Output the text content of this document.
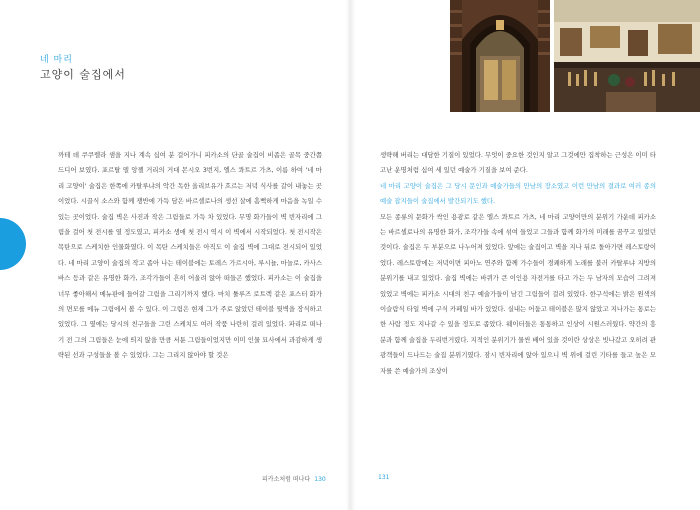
네 마리
고양이 술집에서

까테 데 쿠쿠렐라 샘을 지나 계속 십여 분 걸어가니 피카소의 단골 술집이 비좁은 골목 중간쯤 드디어 보였다. 포르탈 델 앙젤 거리의 거대 몬시오 3번지, 엘스 콰트르 가츠, 이름 하여 '네 마리 고양이' 술집은 한쪽에 카탈루냐의 악간 독한 올리브유가 흐르는 저녁 식사를 갈이 내놓는 곳이었다. 시끌식 소스와 함께 쟁반에 가득 담은 바르셀로나의 생선 살에 흠뻑하게 마음을 녹일 수 있는 곳이었다. 술집 벽은 사진과 작은 그림들로 가득 차 있었다. 무명 화가들이 벽 빈자리에 그림을 걸어 첫 전시를 열 정도였고, 피카소 생애 첫 전시 역시 이 벽에서 시작되었다. 첫 전시작은 목탄으로 스케치한 인물화였다. 이 목탄 스케치들은 아직도 이 술집 벽에 그대로 전시되어 있었다. 네 마리 고양이 술집의 작고 좁아 나는 테이블에는 토레스 가르시아, 루시뇰, 마놀로, 카사스바스 등과 같은 유명한 화가, 조각가들이 흔히 어울려 앉아 떠들곤 했었다. 피카소는 이 술집을 너무 좋아해서 메뉴판에 들어갈 그림을 그리기까지 했다. 마치 툴루즈 로트렉 같은 포스터 화가의 면모를 메뉴 그림에서 볼 수 있다. 이 그림은 현재 그가 주로 앉았던 테이블 뒷벽을 장식하고 있었다. 그 옆에는 당시의 친구들을 그린 스케치도 여러 작품 나란히 걸려 있었다. 파리로 떠나기 전 그의 그림들은 눈에 띄지 않을 만큼 서툰 그림들이었지만 이미 인물 묘사에서 과감하게 생략된 선과 구성들을 볼 수 있었다. 그는 그리지 않아야 할 것은

피카소처럼 떠나다 130

생략해 버리는 대담한 기질이 있었다. 무엇이 중요한 것인지 알고 그것에만 집착하는 근성은 이미 타고난 운명처럼 십여 세 있던 예술가 기질을 보여 준다.

네 마리 고양이 술집은 그 당시 문인과 예술가들의 만남의 장소였고 이런 만남의 결과로 여러 종의 예술 잡지들이 술집에서 발간되기도 했다.

모든 종류의 문화가 싹인 용광로 같은 엘스 콰트르 가츠, 네 마리 고양이만의 분위기 가운데 피카소는 바르셀로나의 유명한 화가, 조각가들 속에 섞여 들었고 그들과 함께 화가의 미래를 꿈꾸고 있었던 것이다. 술집은 두 부분으로 나누어져 있었다. 앞에는 술집이고 벽을 지나 뒤로 돌아가면 레스토랑이었다. 레스토랑에는 저녁이면 피아노 연주와 함께 가수들이 경쾌하게 노래를 불러 카탈루냐 지방의 분위기를 내고 있었다. 술집 벽에는 바퀴가 큰 이인용 자전거를 타고 가는 두 남자의 모습이 그려져 있었고 벽에는 피카소 시대의 친구 예술가들이 남긴 그림들이 걸려 있었다. 한구석에는 밝은 원색의 이슬람식 타일 벽에 구식 카페일 바가 있었다. 실내는 어둡고 테이블은 많지 않았고 지나가는 통로는 한 사람 정도 지나갈 수 있을 정도로 좁았다. 웨이터들은 통통하고 인상이 시원스러웠다. 약간의 흥분과 함께 술집을 두리번거렸다. 지적인 분위기가 물씬 배어 있을 것이란 상상은 빗나갔고 오히려 관광객들이 드나드는 술집 분위기였다. 잠시 빈자리에 앉아 있으니 벽 위에 걸린 기타를 들고 높은 모자를 쓴 예술가의 조상이

131
